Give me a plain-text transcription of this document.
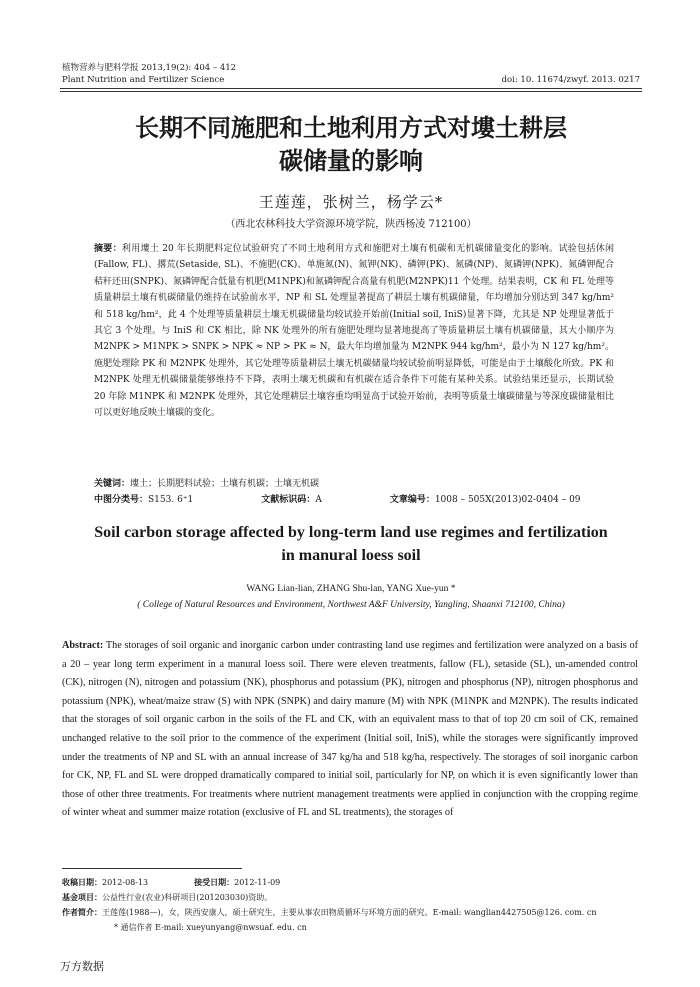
植物营养与肥料学报 2013,19(2): 404 – 412
Plant Nutrition and Fertilizer Science	doi: 10. 11674/zwyf. 2013. 0217
长期不同施肥和土地利用方式对塿土耕层
碳储量的影响
王莲莲，张树兰，杨学云*
（西北农林科技大学资源环境学院，陕西杨凌 712100）
摘要：利用塿土 20 年长期肥料定位试验研究了不同土地利用方式和施肥对土壤有机碳和无机碳储量变化的影响。试验包括休闲(Fallow, FL)、撂荒(Setaside, SL)、不施肥(CK)、单施氮(N)、氮钾(NK)、磷钾(PK)、氮磷(NP)、氮磷钾(NPK)、氮磷钾配合秸秆还田(SNPK)、氮磷钾配合低量有机肥(M1NPK)和氮磷钾配合高量有机肥(M2NPK)11 个处理。结果表明，CK 和 FL 处理等质量耕层土壤有机碳储量仍维持在试验前水平，NP 和 SL 处理显著提高了耕层土壤有机碳储量，年均增加分别达到 347 kg/hm² 和 518 kg/hm²，此 4 个处理等质量耕层土壤无机碳储量均较试验开始前(Initial soil, IniS)显著下降，尤其是 NP 处理显著低于其它 3 个处理。与 IniS 和 CK 相比，除 NK 处理外的所有施肥处理均显著地提高了等质量耕层土壤有机碳储量，其大小顺序为 M2NPK > M1NPK > SNPK > NPK ≈ NP > PK ≈ N，最大年均增加量为 M2NPK 944 kg/hm²，最小为 N 127 kg/hm²。施肥处理除 PK 和 M2NPK 处理外，其它处理等质量耕层土壤无机碳储量均较试验前明显降低，可能是由于土壤酸化所致。PK 和 M2NPK 处理无机碳储量能够维持不下降，表明土壤无机碳和有机碳在适合条件下可能有某种关系。试验结果还显示，长期试验 20 年除 M1NPK 和 M2NPK 处理外，其它处理耕层土壤容重均明显高于试验开始前，表明等质量土壤碳储量与等深度碳储量相比可以更好地反映土壤碳的变化。
关键词：塿土；长期肥料试验；土壤有机碳；土壤无机碳
中图分类号：S153. 6⁺1	文献标识码：A	文章编号：1008 – 505X(2013)02-0404 – 09
Soil carbon storage affected by long-term land use regimes and fertilization
in manural loess soil
WANG Lian-lian, ZHANG Shu-lan, YANG Xue-yun *
( College of Natural Resources and Environment, Northwest A&F University, Yangling, Shaanxi 712100, China)
Abstract: The storages of soil organic and inorganic carbon under contrasting land use regimes and fertilization were analyzed on a basis of a 20 – year long term experiment in a manural loess soil. There were eleven treatments, fallow (FL), setaside (SL), un-amended control (CK), nitrogen (N), nitrogen and potassium (NK), phosphorus and potassium (PK), nitrogen and phosphorus (NP), nitrogen phosphorus and potassium (NPK), wheat/maize straw (S) with NPK (SNPK) and dairy manure (M) with NPK (M1NPK and M2NPK). The results indicated that the storages of soil organic carbon in the soils of the FL and CK, with an equivalent mass to that of top 20 cm soil of CK, remained unchanged relative to the soil prior to the commence of the experiment (Initial soil, IniS), while the storages were significantly improved under the treatments of NP and SL with an annual increase of 347 kg/ha and 518 kg/ha, respectively. The storages of soil inorganic carbon for CK, NP, FL and SL were dropped dramatically compared to initial soil, particularly for NP, on which it is even significantly lower than those of other three treatments. For treatments where nutrient management treatments were applied in conjunction with the cropping regime of winter wheat and summer maize rotation (exclusive of FL and SL treatments), the storages of
收稿日期：2012-08-13	接受日期：2012-11-09
基金项目：公益性行业(农业)科研项目(201203030)资助。
作者简介：王莲莲(1988—)，女，陕西安康人，硕士研究生，主要从事农田物质循环与环境方面的研究。E-mail: wanglian4427505@126. com. cn
* 通信作者 E-mail: xueyunyang@nwsuaf. edu. cn
万方数据
